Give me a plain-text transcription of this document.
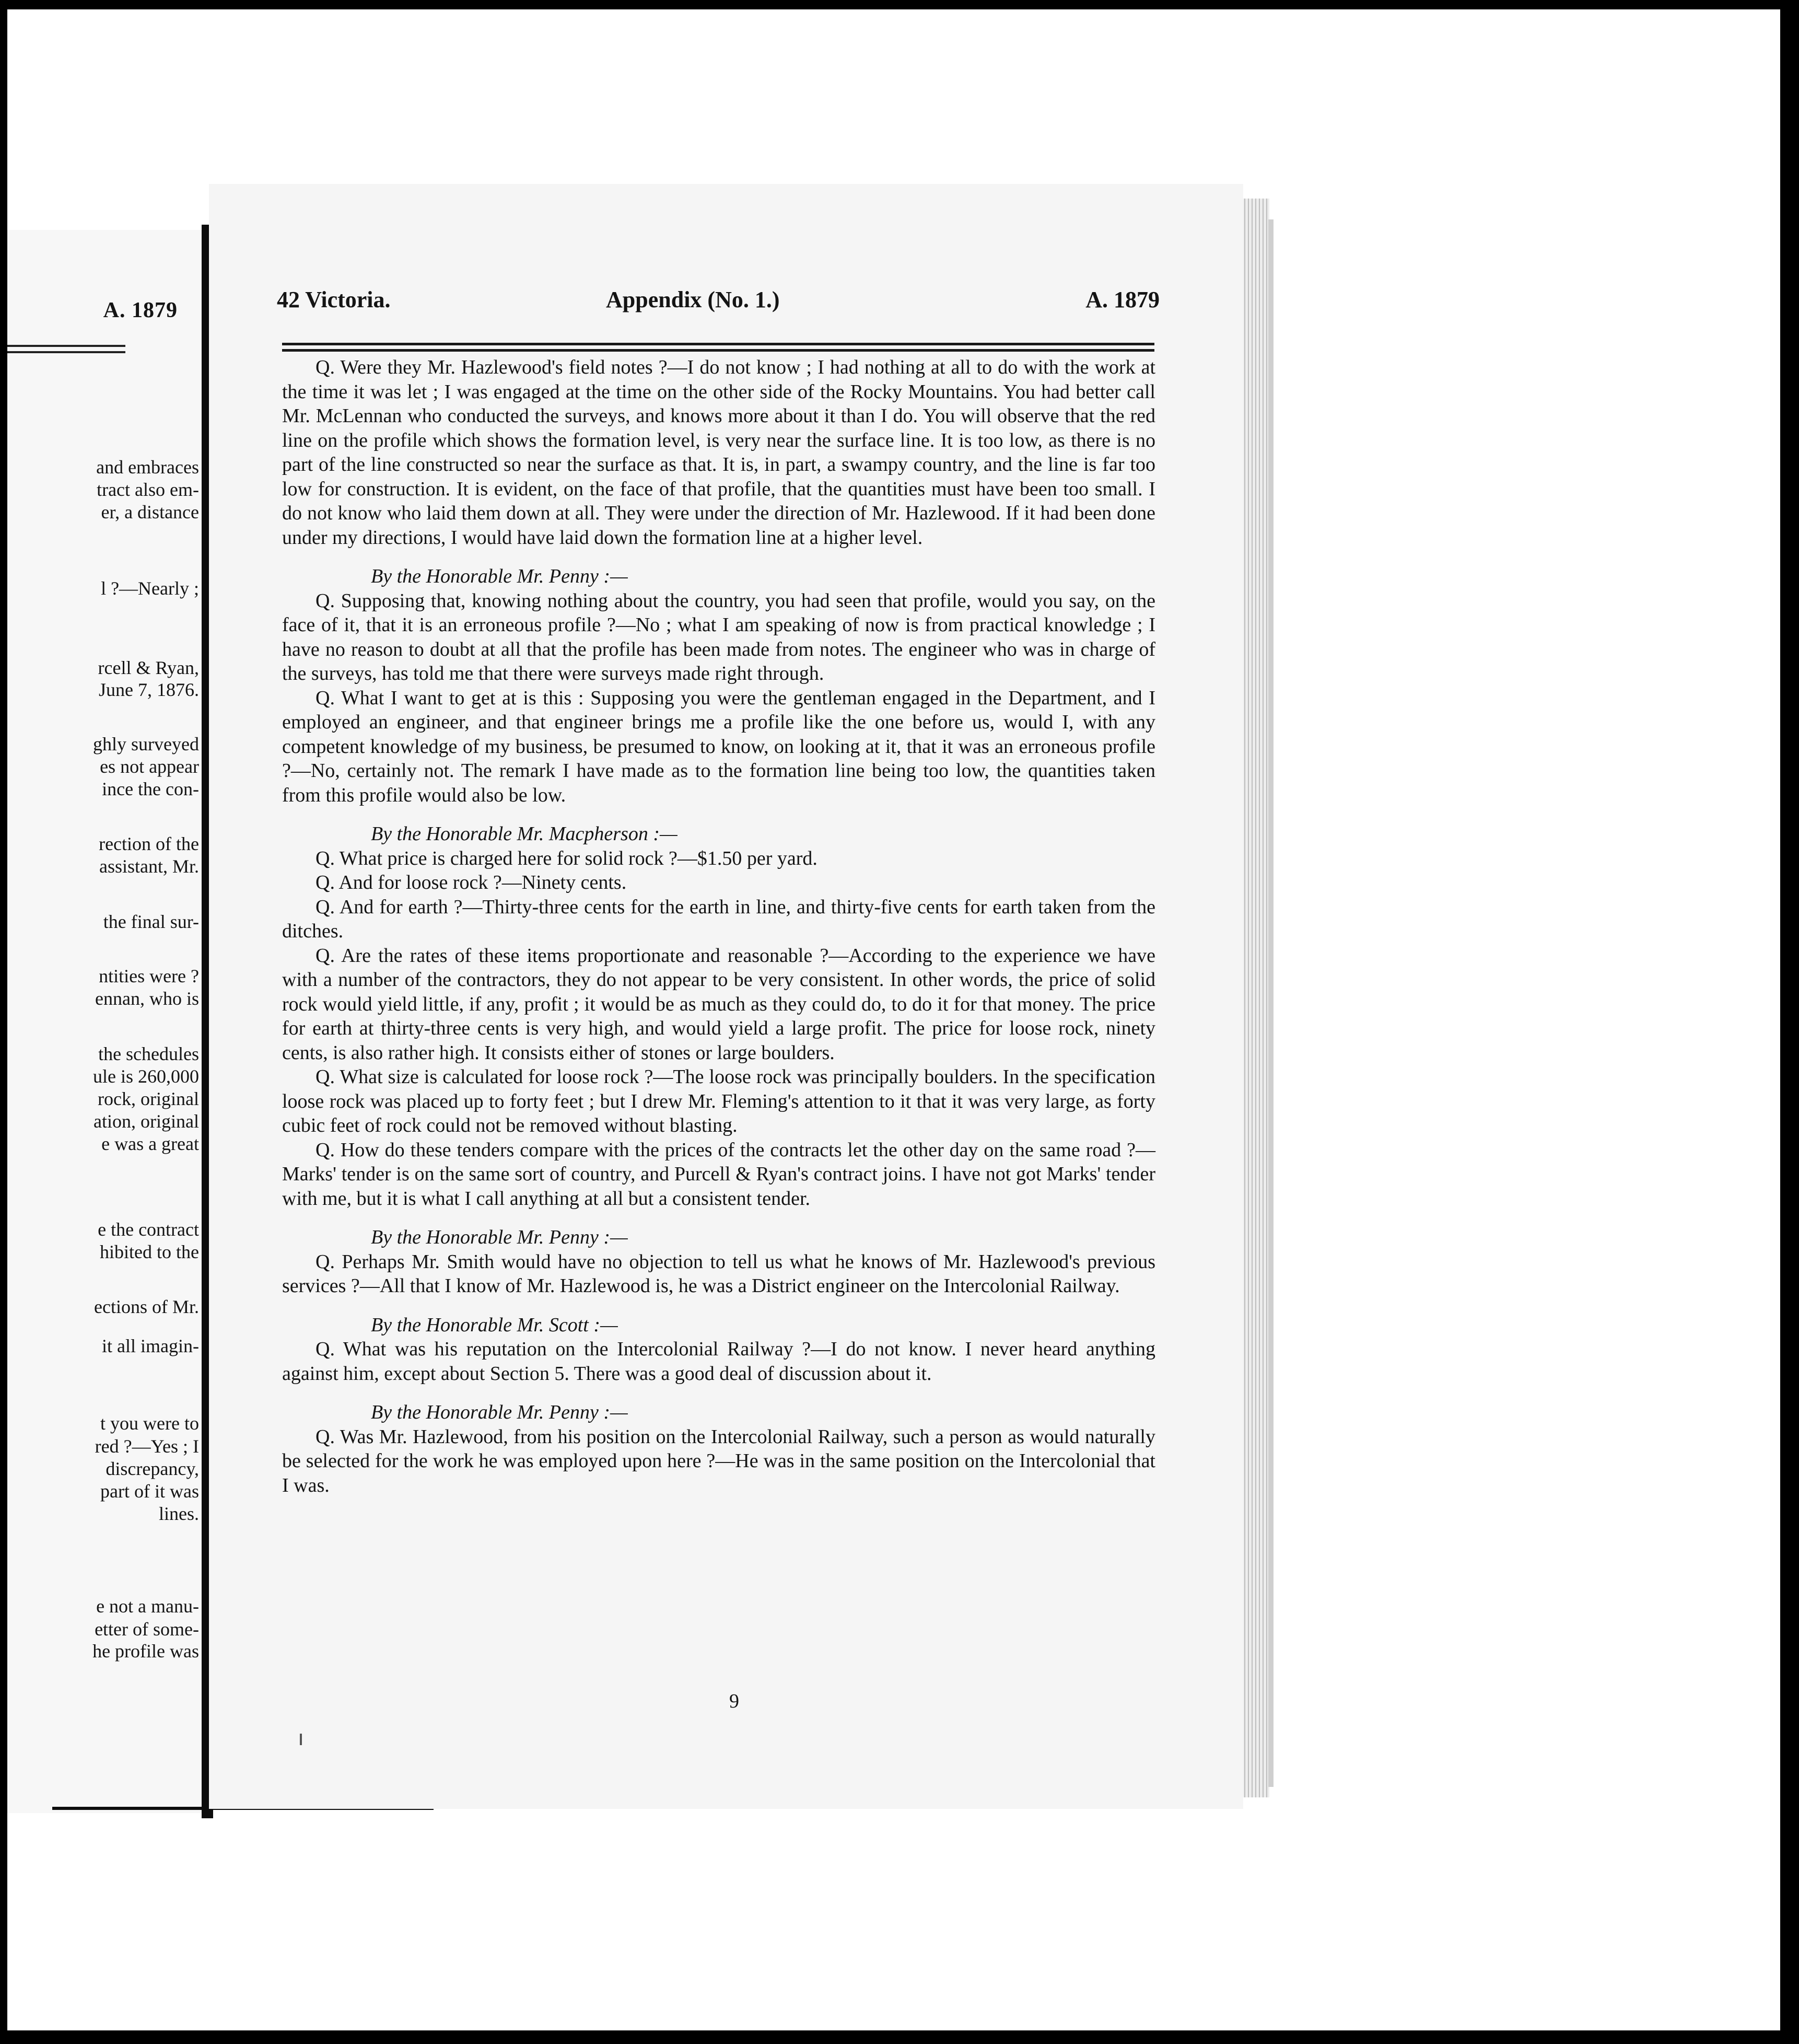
and embraces
tract also em-
er, a distance
l ?—Nearly ;
rcell & Ryan,
June 7, 1876.
ghly surveyed
es not appear
ince the con-
rection of the
assistant, Mr.
the final sur-
ntities were ?
ennan, who is
the schedules
ule is 260,000
rock, original
ation, original
e was a great
e the contract
hibited to the
ections of Mr.
it all imagin-
t you were to
red ?—Yes ; I
discrepancy,
part of it was
lines.
e not a manu-
etter of some-
he profile was
A. 1879	42 Victoria.	Appendix (No. 1.)	A. 1879

Q. Were they Mr. Hazlewood's field notes ?—I do not know ; I had nothing at all to do with the work at the time it was let ; I was engaged at the time on the other side of the Rocky Mountains. You had better call Mr. McLennan who conducted the surveys, and knows more about it than I do. You will observe that the red line on the profile which shows the formation level, is very near the surface line. It is too low, as there is no part of the line constructed so near the surface as that. It is, in part, a swampy country, and the line is far too low for construction. It is evident, on the face of that profile, that the quantities must have been too small. I do not know who laid them down at all. They were under the direction of Mr. Hazlewood. If it had been done under my directions, I would have laid down the formation line at a higher level.

By the Honorable Mr. Penny :—

Q. Supposing that, knowing nothing about the country, you had seen that profile, would you say, on the face of it, that it is an erroneous profile ?—No ; what I am speaking of now is from practical knowledge ; I have no reason to doubt at all that the profile has been made from notes. The engineer who was in charge of the surveys, has told me that there were surveys made right through.

Q. What I want to get at is this : Supposing you were the gentleman engaged in the Department, and I employed an engineer, and that engineer brings me a profile like the one before us, would I, with any competent knowledge of my business, be presumed to know, on looking at it, that it was an erroneous profile ?—No, certainly not. The remark I have made as to the formation line being too low, the quantities taken from this profile would also be low.

By the Honorable Mr. Macpherson :—

Q. What price is charged here for solid rock ?—$1.50 per yard.

Q. And for loose rock ?—Ninety cents.

Q. And for earth ?—Thirty-three cents for the earth in line, and thirty-five cents for earth taken from the ditches.

Q. Are the rates of these items proportionate and reasonable ?—According to the experience we have with a number of the contractors, they do not appear to be very consistent. In other words, the price of solid rock would yield little, if any, profit ; it would be as much as they could do, to do it for that money. The price for earth at thirty-three cents is very high, and would yield a large profit. The price for loose rock, ninety cents, is also rather high. It consists either of stones or large boulders.

Q. What size is calculated for loose rock ?—The loose rock was principally boulders. In the specification loose rock was placed up to forty feet ; but I drew Mr. Fleming's attention to it that it was very large, as forty cubic feet of rock could not be removed without blasting.

Q. How do these tenders compare with the prices of the contracts let the other day on the same road ?—Marks' tender is on the same sort of country, and Purcell & Ryan's contract joins. I have not got Marks' tender with me, but it is what I call anything at all but a consistent tender.

By the Honorable Mr. Penny :—

Q. Perhaps Mr. Smith would have no objection to tell us what he knows of Mr. Hazlewood's previous services ?—All that I know of Mr. Hazlewood is, he was a District engineer on the Intercolonial Railway.

By the Honorable Mr. Scott :—

Q. What was his reputation on the Intercolonial Railway ?—I do not know. I never heard anything against him, except about Section 5. There was a good deal of discussion about it.

By the Honorable Mr. Penny :—

Q. Was Mr. Hazlewood, from his position on the Intercolonial Railway, such a person as would naturally be selected for the work he was employed upon here ?—He was in the same position on the Intercolonial that I was.

9
